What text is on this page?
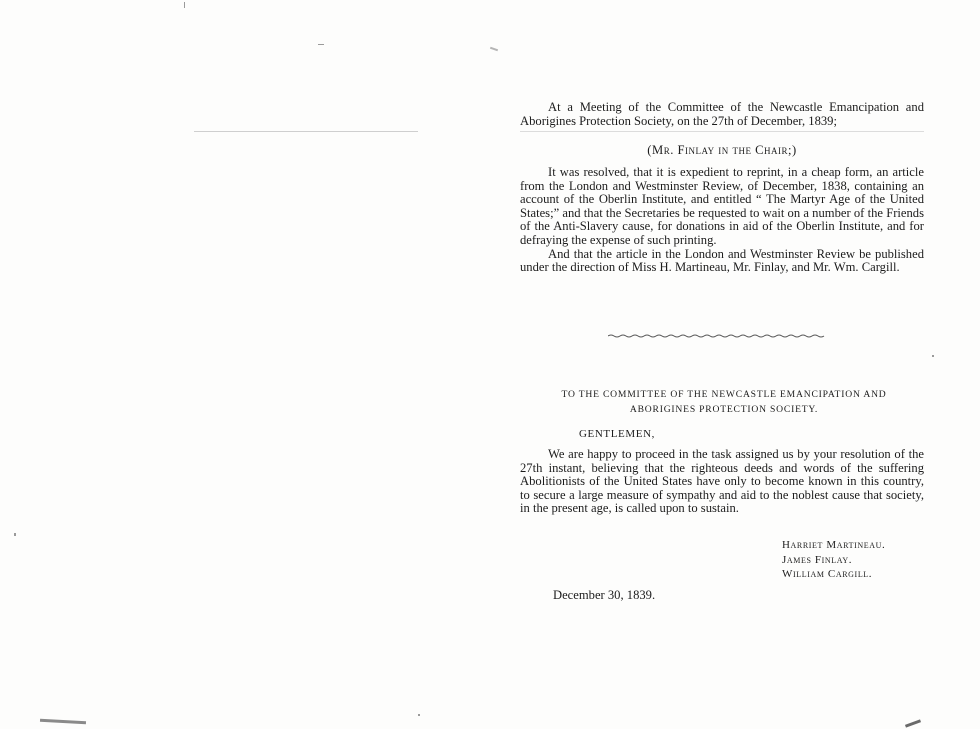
At a Meeting of the Committee of the Newcastle Emancipation and Aborigines Protection Society, on the 27th of December, 1839;

(Mr. Finlay in the Chair;)

It was resolved, that it is expedient to reprint, in a cheap form, an article from the London and Westminster Review, of December, 1838, containing an account of the Oberlin Institute, and entitled “ The Martyr Age of the United States;” and that the Secretaries be requested to wait on a number of the Friends of the Anti-Slavery cause, for donations in aid of the Oberlin Institute, and for defraying the expense of such printing.

And that the article in the London and Westminster Review be published under the direction of Miss H. Martineau, Mr. Finlay, and Mr. Wm. Cargill.

TO THE COMMITTEE OF THE NEWCASTLE EMANCIPATION AND ABORIGINES PROTECTION SOCIETY.
GENTLEMEN,

We are happy to proceed in the task assigned us by your resolution of the 27th instant, believing that the righteous deeds and words of the suffering Abolitionists of the United States have only to become known in this country, to secure a large measure of sympathy and aid to the noblest cause that society, in the present age, is called upon to sustain.

Harriet Martineau.
James Finlay.
William Cargill.
December 30, 1839.
